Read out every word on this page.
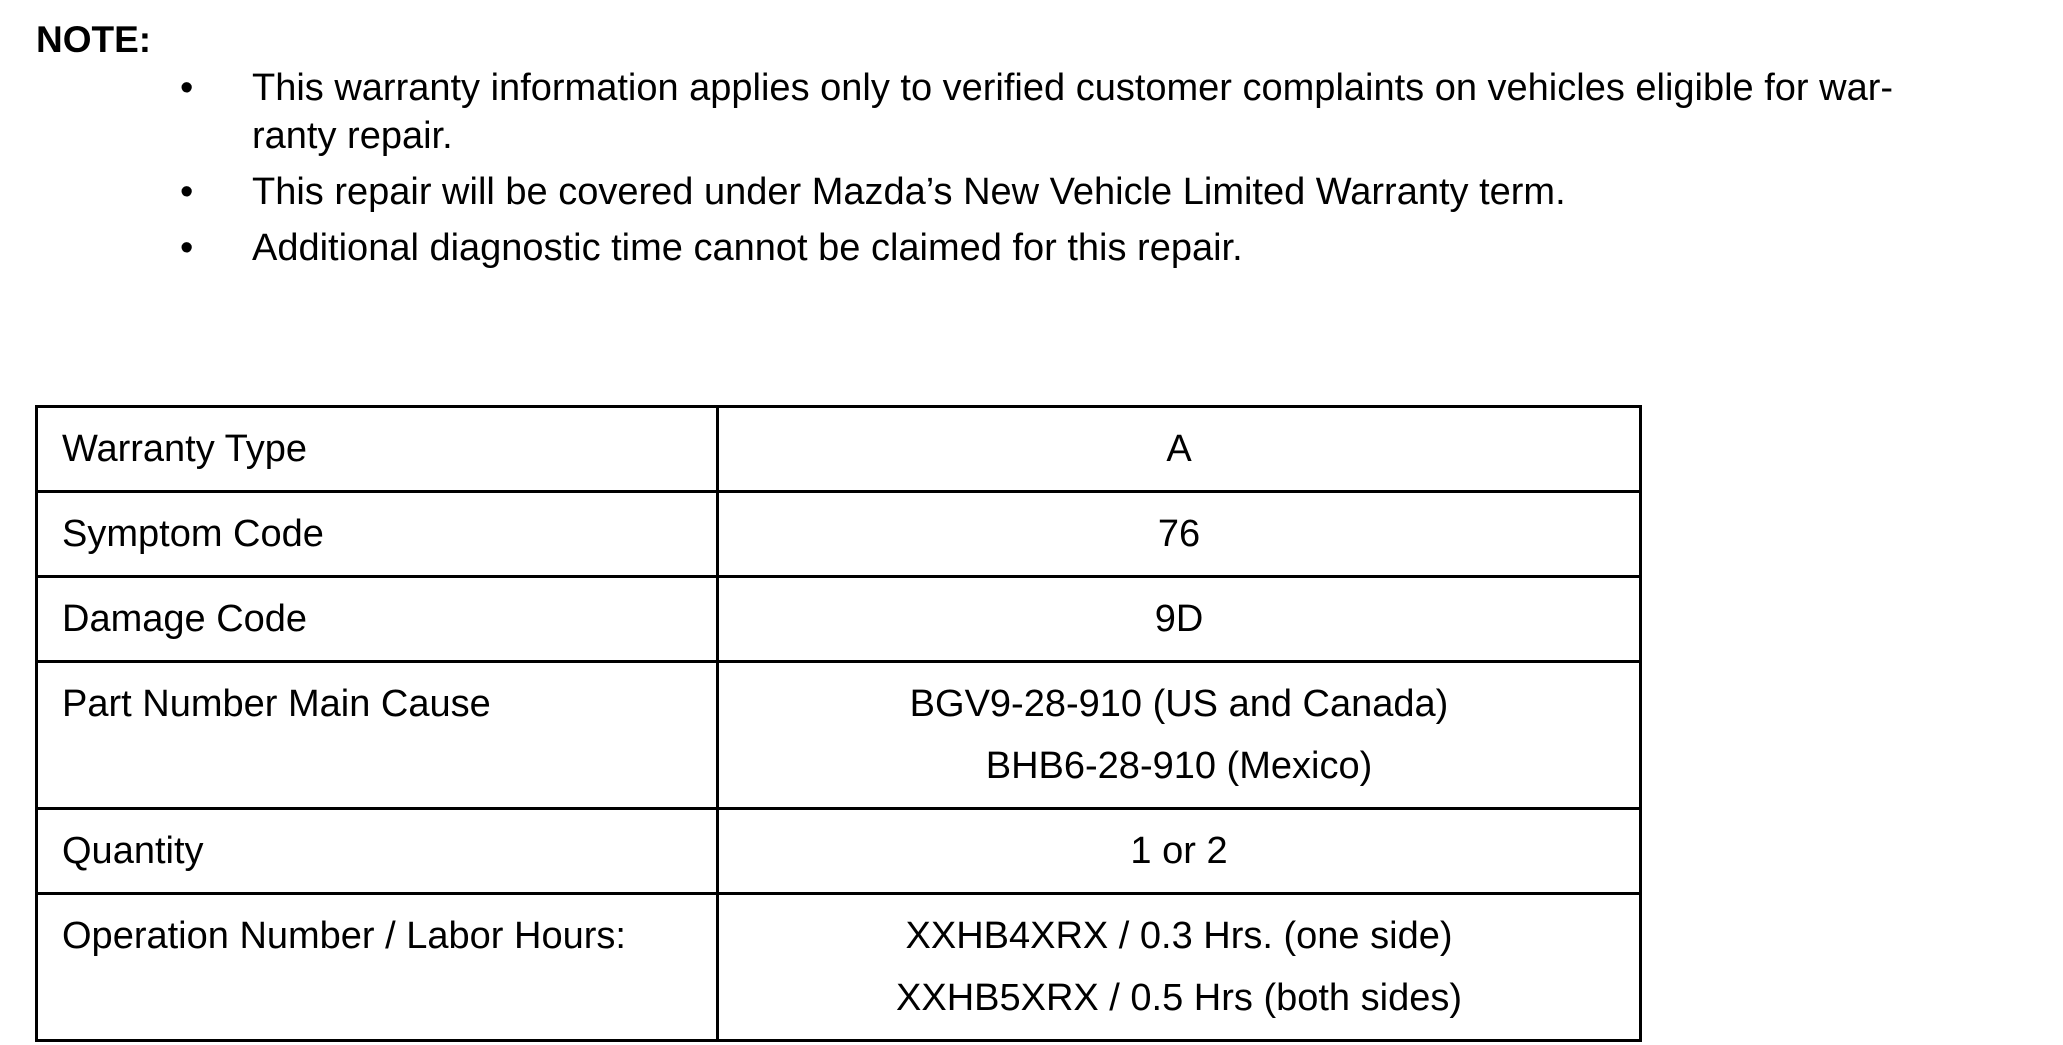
NOTE:
•	This warranty information applies only to verified customer complaints on vehicles eligible for war-
ranty repair.
•	This repair will be covered under Mazda’s New Vehicle Limited Warranty term.
•	Additional diagnostic time cannot be claimed for this repair.
Warranty Type	A

Symptom Code	76

Damage Code	9D

Part Number Main Cause	BGV9-28-910 (US and Canada)
BHB6-28-910 (Mexico)

Quantity	1 or 2

Operation Number / Labor Hours:	XXHB4XRX / 0.3 Hrs. (one side)
XXHB5XRX / 0.5 Hrs (both sides)
